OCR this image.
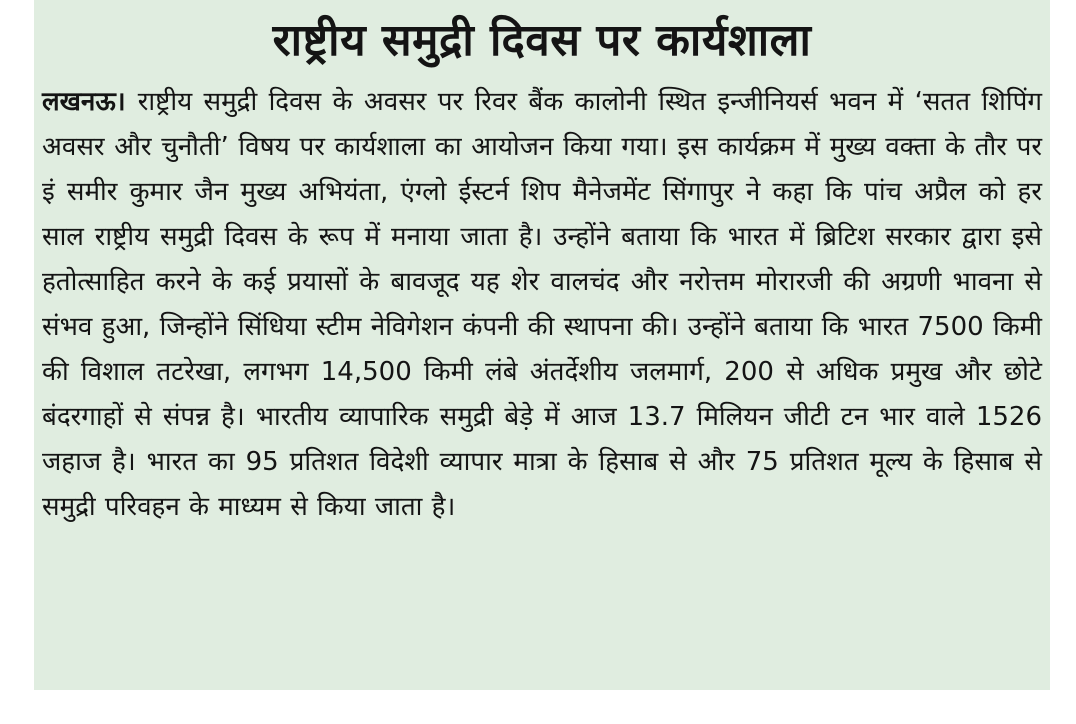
राष्ट्रीय समुद्री दिवस पर कार्यशाला

लखनऊ। राष्ट्रीय समुद्री दिवस के अवसर पर रिवर बैंक कालोनी स्थित इन्जीनियर्स भवन में ‘सतत शिपिंग अवसर और चुनौती’ विषय पर कार्यशाला का आयोजन किया गया। इस कार्यक्रम में मुख्य वक्ता के तौर पर इं समीर कुमार जैन मुख्य अभियंता, एंग्लो ईस्टर्न शिप मैनेजमेंट सिंगापुर ने कहा कि पांच अप्रैल को हर साल राष्ट्रीय समुद्री दिवस के रूप में मनाया जाता है। उन्होंने बताया कि भारत में ब्रिटिश सरकार द्वारा इसे हतोत्साहित करने के कई प्रयासों के बावजूद यह शेर वालचंद और नरोत्तम मोरारजी की अग्रणी भावना से संभव हुआ, जिन्होंने सिंधिया स्टीम नेविगेशन कंपनी की स्थापना की। उन्होंने बताया कि भारत 7500 किमी की विशाल तटरेखा, लगभग 14,500 किमी लंबे अंतर्देशीय जलमार्ग, 200 से अधिक प्रमुख और छोटे बंदरगाहों से संपन्न है। भारतीय व्यापारिक समुद्री बेड़े में आज 13.7 मिलियन जीटी टन भार वाले 1526 जहाज है। भारत का 95 प्रतिशत विदेशी व्यापार मात्रा के हिसाब से और 75 प्रतिशत मूल्य के हिसाब से समुद्री परिवहन के माध्यम से किया जाता है।
